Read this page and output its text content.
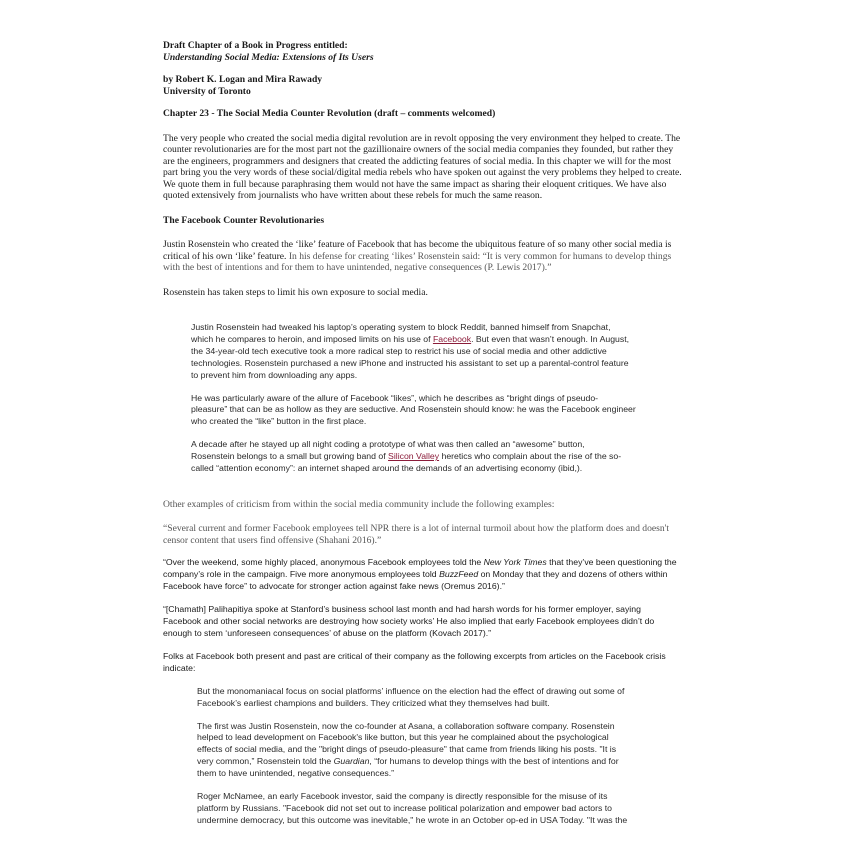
Draft Chapter of a Book in Progress entitled:
Understanding Social Media: Extensions of Its Users
by Robert K. Logan and Mira Rawady
University of Toronto

Chapter 23 - The Social Media Counter Revolution (draft – comments welcomed)

The very people who created the social media digital revolution are in revolt opposing the very environment they helped to create. The
counter revolutionaries are for the most part not the gazillionaire owners of the social media companies they founded, but rather they
are the engineers, programmers and designers that created the addicting features of social media. In this chapter we will for the most
part bring you the very words of these social/digital media rebels who have spoken out against the very problems they helped to create.
We quote them in full because paraphrasing them would not have the same impact as sharing their eloquent critiques. We have also
quoted extensively from journalists who have written about these rebels for much the same reason.

The Facebook Counter Revolutionaries

Justin Rosenstein who created the ‘like’ feature of Facebook that has become the ubiquitous feature of so many other social media is
critical of his own ‘like’ feature. In his defense for creating ‘likes’ Rosenstein said: “It is very common for humans to develop things
with the best of intentions and for them to have unintended, negative consequences (P. Lewis 2017).”

Rosenstein has taken steps to limit his own exposure to social media.

Justin Rosenstein had tweaked his laptop’s operating system to block Reddit, banned himself from Snapchat,
which he compares to heroin, and imposed limits on his use of Facebook. But even that wasn’t enough. In August,
the 34-year-old tech executive took a more radical step to restrict his use of social media and other addictive
technologies. Rosenstein purchased a new iPhone and instructed his assistant to set up a parental-control feature
to prevent him from downloading any apps.
He was particularly aware of the allure of Facebook “likes”, which he describes as “bright dings of pseudo-
pleasure” that can be as hollow as they are seductive. And Rosenstein should know: he was the Facebook engineer
who created the “like” button in the first place.
A decade after he stayed up all night coding a prototype of what was then called an “awesome” button,
Rosenstein belongs to a small but growing band of Silicon Valley heretics who complain about the rise of the so-
called “attention economy”: an internet shaped around the demands of an advertising economy (ibid,).

Other examples of criticism from within the social media community include the following examples:

“Several current and former Facebook employees tell NPR there is a lot of internal turmoil about how the platform does and doesn't
censor content that users find offensive (Shahani 2016).”
“Over the weekend, some highly placed, anonymous Facebook employees told the New York Times that they’ve been questioning the
company’s role in the campaign. Five more anonymous employees told BuzzFeed on Monday that they and dozens of others within
Facebook have force” to advocate for stronger action against fake news (Oremus 2016).”
“[Chamath] Palihapitiya spoke at Stanford’s business school last month and had harsh words for his former employer, saying
Facebook and other social networks are destroying how society works’ He also implied that early Facebook employees didn’t do
enough to stem ‘unforeseen consequences’ of abuse on the platform (Kovach 2017).”
Folks at Facebook both present and past are critical of their company as the following excerpts from articles on the Facebook crisis
indicate:
But the monomaniacal focus on social platforms’ influence on the election had the effect of drawing out some of
Facebook’s earliest champions and builders. They criticized what they themselves had built.
The first was Justin Rosenstein, now the co-founder at Asana, a collaboration software company. Rosenstein
helped to lead development on Facebook's like button, but this year he complained about the psychological
effects of social media, and the "bright dings of pseudo-pleasure" that came from friends liking his posts. "It is
very common,” Rosenstein told the Guardian, “for humans to develop things with the best of intentions and for
them to have unintended, negative consequences.”
Roger McNamee, an early Facebook investor, said the company is directly responsible for the misuse of its
platform by Russians. "Facebook did not set out to increase political polarization and empower bad actors to
undermine democracy, but this outcome was inevitable," he wrote in an October op-ed in USA Today. "It was the
